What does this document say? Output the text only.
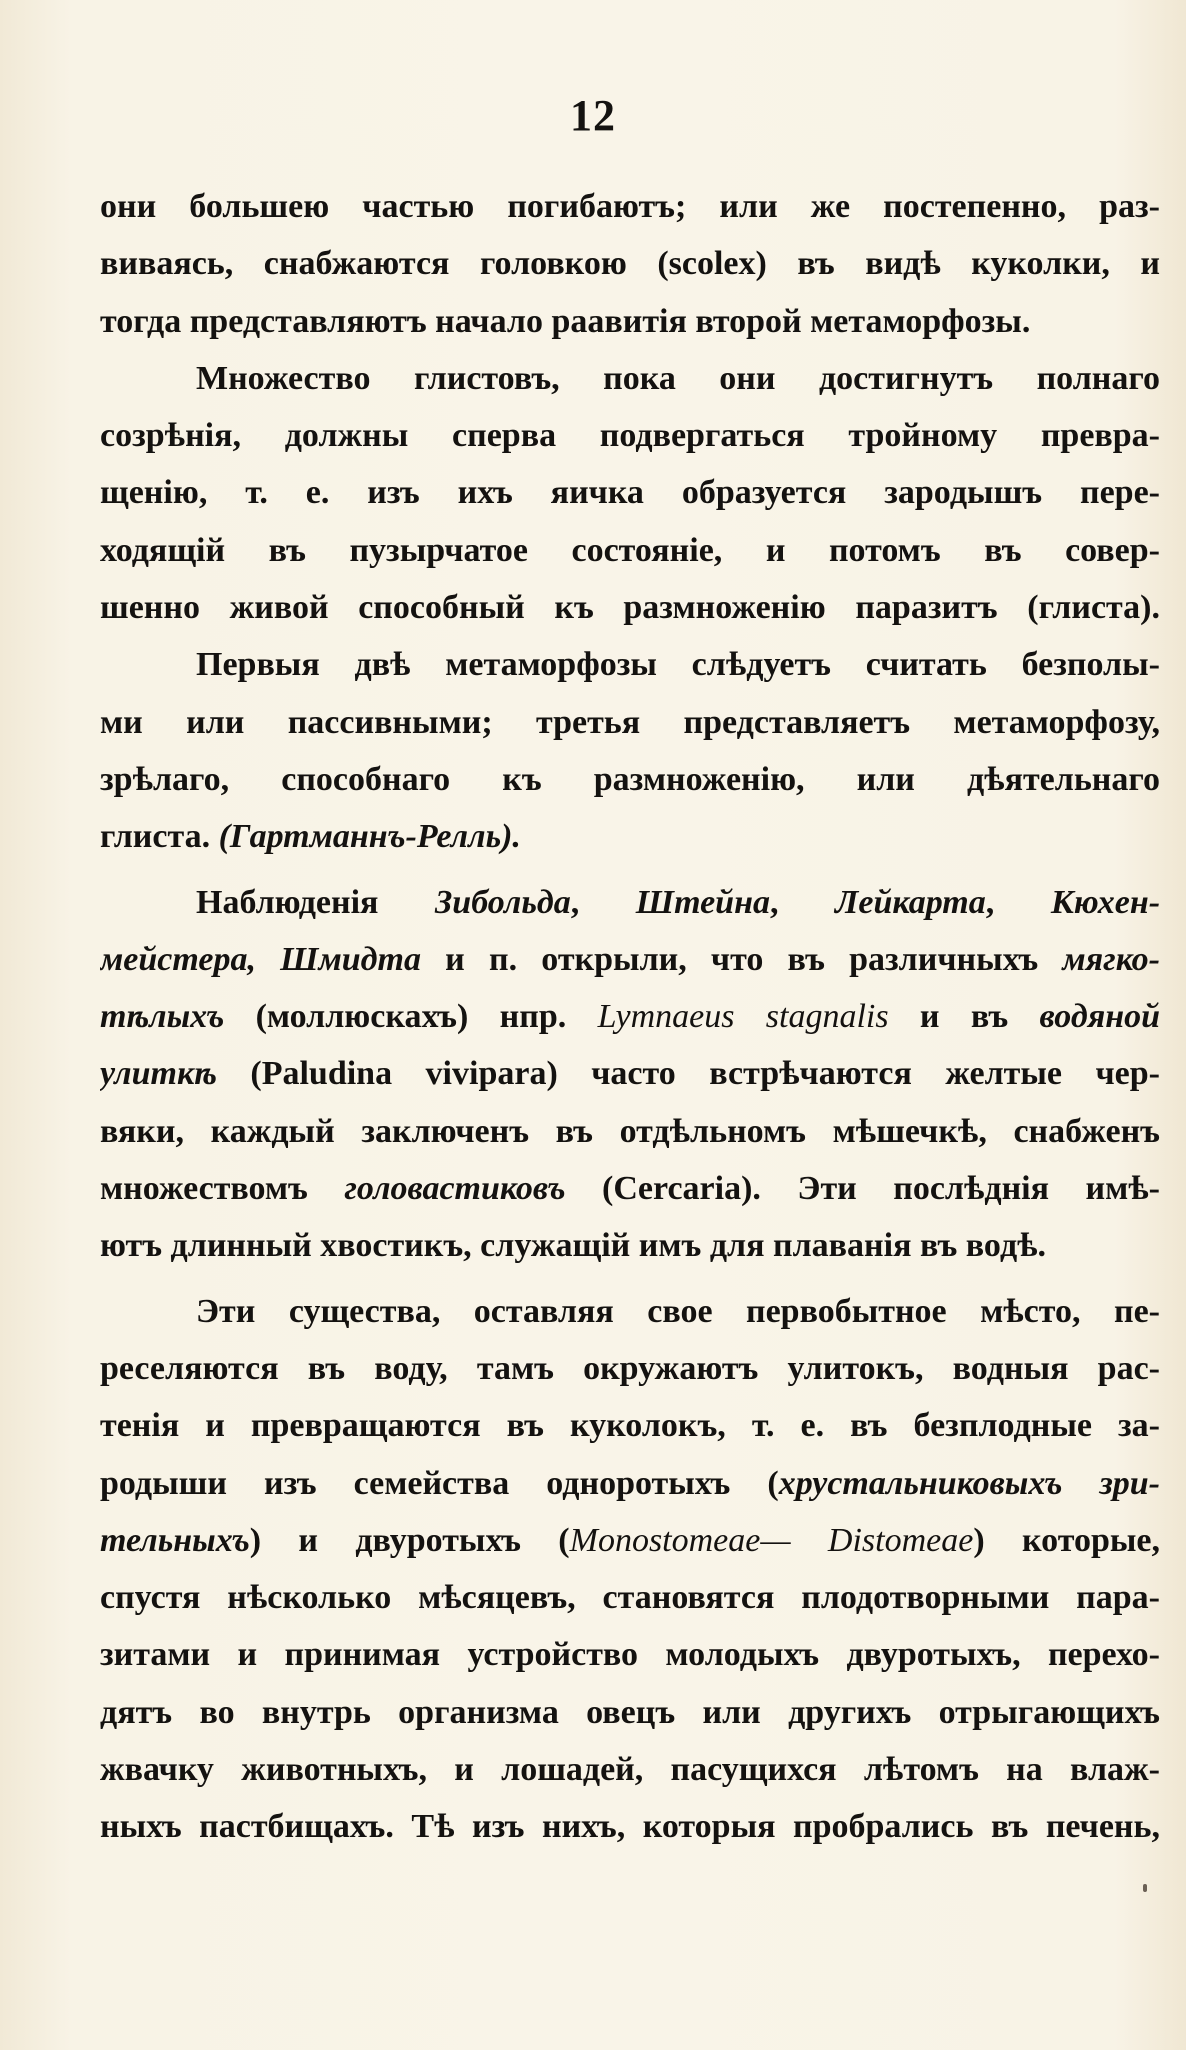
12
они большею частью погибаютъ; или же постепенно, раз-
виваясь, снабжаются головкою (scolex) въ видѣ куколки, и
тогда представляютъ начало раавитія второй метаморфозы.
Множество глистовъ, пока они достигнутъ полнаго
созрѣнія, должны сперва подвергаться тройному превра-
щенію, т. е. изъ ихъ яичка образуется зародышъ пере-
ходящій въ пузырчатое состояніе, и потомъ въ совер-
шенно живой способный къ размноженію паразитъ (глиста).
Первыя двѣ метаморфозы слѣдуетъ считать безполы-
ми или пассивными; третья представляетъ метаморфозу,
зрѣлаго, способнаго къ размноженію, или дѣятельнаго
глиста. (Гартманнъ-Релль).
Наблюденія Зибольда, Штейна, Лейкарта, Кюхен-
мейстера, Шмидта и п. открыли, что въ различныхъ мягко-
тѣлыхъ (моллюскахъ) нпр. Lymnaeus stagnalis и въ водяной
улиткѣ (Paludina vivipara) часто встрѣчаются желтые чер-
вяки, каждый заключенъ въ отдѣльномъ мѣшечкѣ, снабженъ
множествомъ головастиковъ (Cercaria). Эти послѣднія имѣ-
ютъ длинный хвостикъ, служащій имъ для плаванія въ водѣ.
Эти существа, оставляя свое первобытное мѣсто, пе-
реселяются въ воду, тамъ окружаютъ улитокъ, водныя рас-
тенія и превращаются въ куколокъ, т. е. въ безплодные за-
родыши изъ семейства одноротыхъ (хрустальниковыхъ зри-
тельныхъ) и двуротыхъ (Monostomeae— Distomeae) которые,
спустя нѣсколько мѣсяцевъ, становятся плодотворными пара-
зитами и принимая устройство молодыхъ двуротыхъ, перехо-
дятъ во внутрь организма овецъ или другихъ отрыгающихъ
жвачку животныхъ, и лошадей, пасущихся лѣтомъ на влаж-
ныхъ пастбищахъ. Тѣ изъ нихъ, которыя пробрались въ печень,
